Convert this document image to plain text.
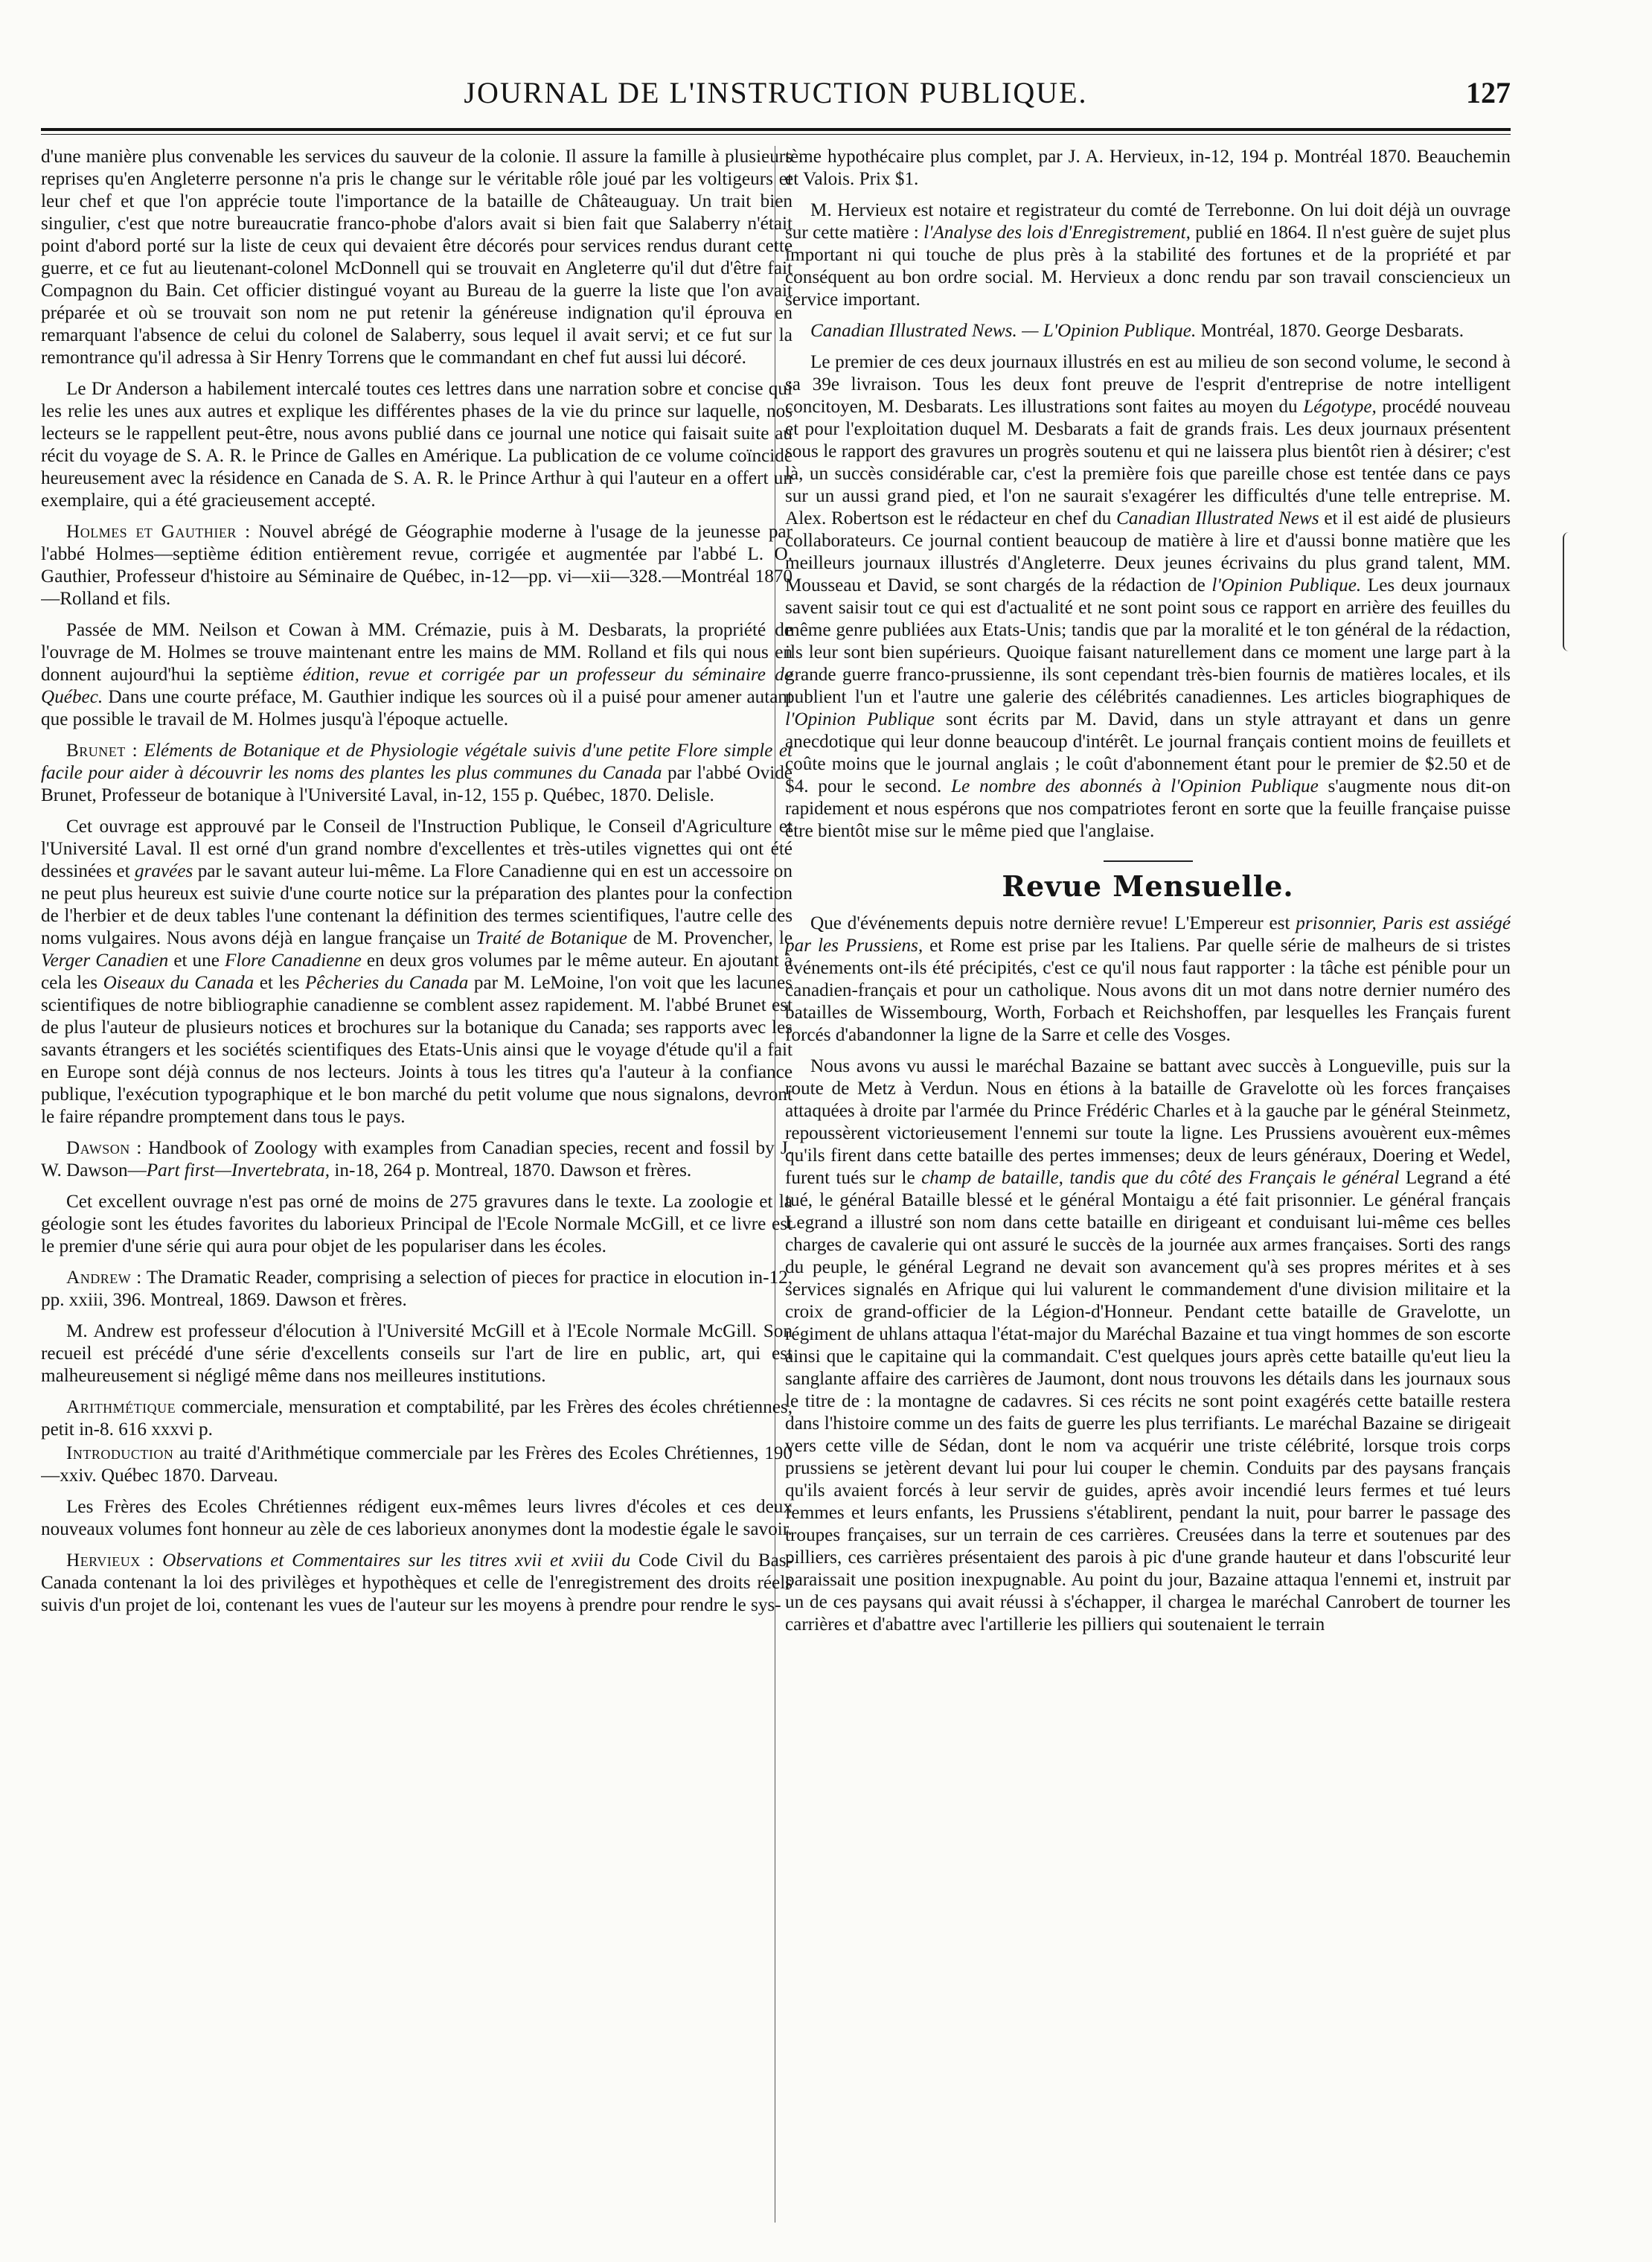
JOURNAL DE L'INSTRUCTION PUBLIQUE.	127

d'une manière plus convenable les services du sauveur de la colonie. Il assure la famille à plusieurs reprises qu'en Angleterre personne n'a pris le change sur le véritable rôle joué par les voltigeurs et leur chef et que l'on apprécie toute l'importance de la bataille de Châteauguay. Un trait bien singulier, c'est que notre bureaucratie franco-phobe d'alors avait si bien fait que Salaberry n'était point d'abord porté sur la liste de ceux qui devaient être décorés pour services rendus durant cette guerre, et ce fut au lieutenant-colonel McDonnell qui se trouvait en Angleterre qu'il dut d'être fait Compagnon du Bain. Cet officier distingué voyant au Bureau de la guerre la liste que l'on avait préparée et où se trouvait son nom ne put retenir la généreuse indignation qu'il éprouva en remarquant l'absence de celui du colonel de Salaberry, sous lequel il avait servi; et ce fut sur la remontrance qu'il adressa à Sir Henry Torrens que le commandant en chef fut aussi lui décoré.

Le Dr Anderson a habilement intercalé toutes ces lettres dans une narration sobre et concise qui les relie les unes aux autres et explique les différentes phases de la vie du prince sur laquelle, nos lecteurs se le rappellent peut-être, nous avons publié dans ce journal une notice qui faisait suite au récit du voyage de S. A. R. le Prince de Galles en Amérique. La publication de ce volume coïncide heureusement avec la résidence en Canada de S. A. R. le Prince Arthur à qui l'auteur en a offert un exemplaire, qui a été gracieusement accepté.

Holmes et Gauthier : Nouvel abrégé de Géographie moderne à l'usage de la jeunesse par l'abbé Holmes—septième édition entièrement revue, corrigée et augmentée par l'abbé L. O. Gauthier, Professeur d'histoire au Séminaire de Québec, in-12—pp. vi—xii—328.—Montréal 1870—Rolland et fils.

Passée de MM. Neilson et Cowan à MM. Crémazie, puis à M. Desbarats, la propriété de l'ouvrage de M. Holmes se trouve maintenant entre les mains de MM. Rolland et fils qui nous en donnent aujourd'hui la septième édition, revue et corrigée par un professeur du séminaire de Québec. Dans une courte préface, M. Gauthier indique les sources où il a puisé pour amener autant que possible le travail de M. Holmes jusqu'à l'époque actuelle.

Brunet : Eléments de Botanique et de Physiologie végétale suivis d'une petite Flore simple et facile pour aider à découvrir les noms des plantes les plus communes du Canada par l'abbé Ovide Brunet, Professeur de botanique à l'Université Laval, in-12, 155 p. Québec, 1870. Delisle.

Cet ouvrage est approuvé par le Conseil de l'Instruction Publique, le Conseil d'Agriculture et l'Université Laval. Il est orné d'un grand nombre d'excellentes et très-utiles vignettes qui ont été dessinées et gravées par le savant auteur lui-même. La Flore Canadienne qui en est un accessoire on ne peut plus heureux est suivie d'une courte notice sur la préparation des plantes pour la confection de l'herbier et de deux tables l'une contenant la définition des termes scientifiques, l'autre celle des noms vulgaires. Nous avons déjà en langue française un Traité de Botanique de M. Provencher, le Verger Canadien et une Flore Canadienne en deux gros volumes par le même auteur. En ajoutant à cela les Oiseaux du Canada et les Pêcheries du Canada par M. LeMoine, l'on voit que les lacunes scientifiques de notre bibliographie canadienne se comblent assez rapidement. M. l'abbé Brunet est de plus l'auteur de plusieurs notices et brochures sur la botanique du Canada; ses rapports avec les savants étrangers et les sociétés scientifiques des Etats-Unis ainsi que le voyage d'étude qu'il a fait en Europe sont déjà connus de nos lecteurs. Joints à tous les titres qu'a l'auteur à la confiance publique, l'exécution typographique et le bon marché du petit volume que nous signalons, devront le faire répandre promptement dans tous le pays.

Dawson : Handbook of Zoology with examples from Canadian species, recent and fossil by J. W. Dawson—Part first—Invertebrata, in-18, 264 p. Montreal, 1870. Dawson et frères.

Cet excellent ouvrage n'est pas orné de moins de 275 gravures dans le texte. La zoologie et la géologie sont les études favorites du laborieux Principal de l'Ecole Normale McGill, et ce livre est le premier d'une série qui aura pour objet de les populariser dans les écoles.

Andrew : The Dramatic Reader, comprising a selection of pieces for practice in elocution in-12, pp. xxiii, 396. Montreal, 1869. Dawson et frères.

M. Andrew est professeur d'élocution à l'Université McGill et à l'Ecole Normale McGill. Son recueil est précédé d'une série d'excellents conseils sur l'art de lire en public, art, qui est malheureusement si négligé même dans nos meilleures institutions.

Arithmétique commerciale, mensuration et comptabilité, par les Frères des écoles chrétiennes, petit in-8. 616 xxxvi p.

Introduction au traité d'Arithmétique commerciale par les Frères des Ecoles Chrétiennes, 190—xxiv. Québec 1870. Darveau.

Les Frères des Ecoles Chrétiennes rédigent eux-mêmes leurs livres d'écoles et ces deux nouveaux volumes font honneur au zèle de ces laborieux anonymes dont la modestie égale le savoir.

Hervieux : Observations et Commentaires sur les titres xvii et xviii du Code Civil du Bas-Canada contenant la loi des privilèges et hypothèques et celle de l'enregistrement des droits réels suivis d'un projet de loi, contenant les vues de l'auteur sur les moyens à prendre pour rendre le sys-

tème hypothécaire plus complet, par J. A. Hervieux, in-12, 194 p. Montréal 1870. Beauchemin et Valois. Prix $1.

M. Hervieux est notaire et registrateur du comté de Terrebonne. On lui doit déjà un ouvrage sur cette matière : l'Analyse des lois d'Enregistrement, publié en 1864. Il n'est guère de sujet plus important ni qui touche de plus près à la stabilité des fortunes et de la propriété et par conséquent au bon ordre social. M. Hervieux a donc rendu par son travail consciencieux un service important.

Canadian Illustrated News. — L'Opinion Publique. Montréal, 1870. George Desbarats.

Le premier de ces deux journaux illustrés en est au milieu de son second volume, le second à sa 39e livraison. Tous les deux font preuve de l'esprit d'entreprise de notre intelligent concitoyen, M. Desbarats. Les illustrations sont faites au moyen du Légotype, procédé nouveau et pour l'exploitation duquel M. Desbarats a fait de grands frais. Les deux journaux présentent sous le rapport des gravures un progrès soutenu et qui ne laissera plus bientôt rien à désirer; c'est là, un succès considérable car, c'est la première fois que pareille chose est tentée dans ce pays sur un aussi grand pied, et l'on ne saurait s'exagérer les difficultés d'une telle entreprise. M. Alex. Robertson est le rédacteur en chef du Canadian Illustrated News et il est aidé de plusieurs collaborateurs. Ce journal contient beaucoup de matière à lire et d'aussi bonne matière que les meilleurs journaux illustrés d'Angleterre. Deux jeunes écrivains du plus grand talent, MM. Mousseau et David, se sont chargés de la rédaction de l'Opinion Publique. Les deux journaux savent saisir tout ce qui est d'actualité et ne sont point sous ce rapport en arrière des feuilles du même genre publiées aux Etats-Unis; tandis que par la moralité et le ton général de la rédaction, ils leur sont bien supérieurs. Quoique faisant naturellement dans ce moment une large part à la grande guerre franco-prussienne, ils sont cependant très-bien fournis de matières locales, et ils publient l'un et l'autre une galerie des célébrités canadiennes. Les articles biographiques de l'Opinion Publique sont écrits par M. David, dans un style attrayant et dans un genre anecdotique qui leur donne beaucoup d'intérêt. Le journal français contient moins de feuillets et coûte moins que le journal anglais ; le coût d'abonnement étant pour le premier de $2.50 et de $4. pour le second. Le nombre des abonnés à l'Opinion Publique s'augmente nous dit-on rapidement et nous espérons que nos compatriotes feront en sorte que la feuille française puisse être bientôt mise sur le même pied que l'anglaise.

Revue Mensuelle.

Que d'événements depuis notre dernière revue! L'Empereur est prisonnier, Paris est assiégé par les Prussiens, et Rome est prise par les Italiens. Par quelle série de malheurs de si tristes événements ont-ils été précipités, c'est ce qu'il nous faut rapporter : la tâche est pénible pour un canadien-français et pour un catholique. Nous avons dit un mot dans notre dernier numéro des batailles de Wissembourg, Worth, Forbach et Reichshoffen, par lesquelles les Français furent forcés d'abandonner la ligne de la Sarre et celle des Vosges.

Nous avons vu aussi le maréchal Bazaine se battant avec succès à Longueville, puis sur la route de Metz à Verdun. Nous en étions à la bataille de Gravelotte où les forces françaises attaquées à droite par l'armée du Prince Frédéric Charles et à la gauche par le général Steinmetz, repoussèrent victorieusement l'ennemi sur toute la ligne. Les Prussiens avouèrent eux-mêmes qu'ils firent dans cette bataille des pertes immenses; deux de leurs généraux, Doering et Wedel, furent tués sur le champ de bataille, tandis que du côté des Français le général Legrand a été tué, le général Bataille blessé et le général Montaigu a été fait prisonnier. Le général français Legrand a illustré son nom dans cette bataille en dirigeant et conduisant lui-même ces belles charges de cavalerie qui ont assuré le succès de la journée aux armes françaises. Sorti des rangs du peuple, le général Legrand ne devait son avancement qu'à ses propres mérites et à ses services signalés en Afrique qui lui valurent le commandement d'une division militaire et la croix de grand-officier de la Légion-d'Honneur. Pendant cette bataille de Gravelotte, un régiment de uhlans attaqua l'état-major du Maréchal Bazaine et tua vingt hommes de son escorte ainsi que le capitaine qui la commandait. C'est quelques jours après cette bataille qu'eut lieu la sanglante affaire des carrières de Jaumont, dont nous trouvons les détails dans les journaux sous le titre de : la montagne de cadavres. Si ces récits ne sont point exagérés cette bataille restera dans l'histoire comme un des faits de guerre les plus terrifiants. Le maréchal Bazaine se dirigeait vers cette ville de Sédan, dont le nom va acquérir une triste célébrité, lorsque trois corps prussiens se jetèrent devant lui pour lui couper le chemin. Conduits par des paysans français qu'ils avaient forcés à leur servir de guides, après avoir incendié leurs fermes et tué leurs femmes et leurs enfants, les Prussiens s'établirent, pendant la nuit, pour barrer le passage des troupes françaises, sur un terrain de ces carrières. Creusées dans la terre et soutenues par des pilliers, ces carrières présentaient des parois à pic d'une grande hauteur et dans l'obscurité leur paraissait une position inexpugnable. Au point du jour, Bazaine attaqua l'ennemi et, instruit par un de ces paysans qui avait réussi à s'échapper, il chargea le maréchal Canrobert de tourner les carrières et d'abattre avec l'artillerie les pilliers qui soutenaient le terrain
